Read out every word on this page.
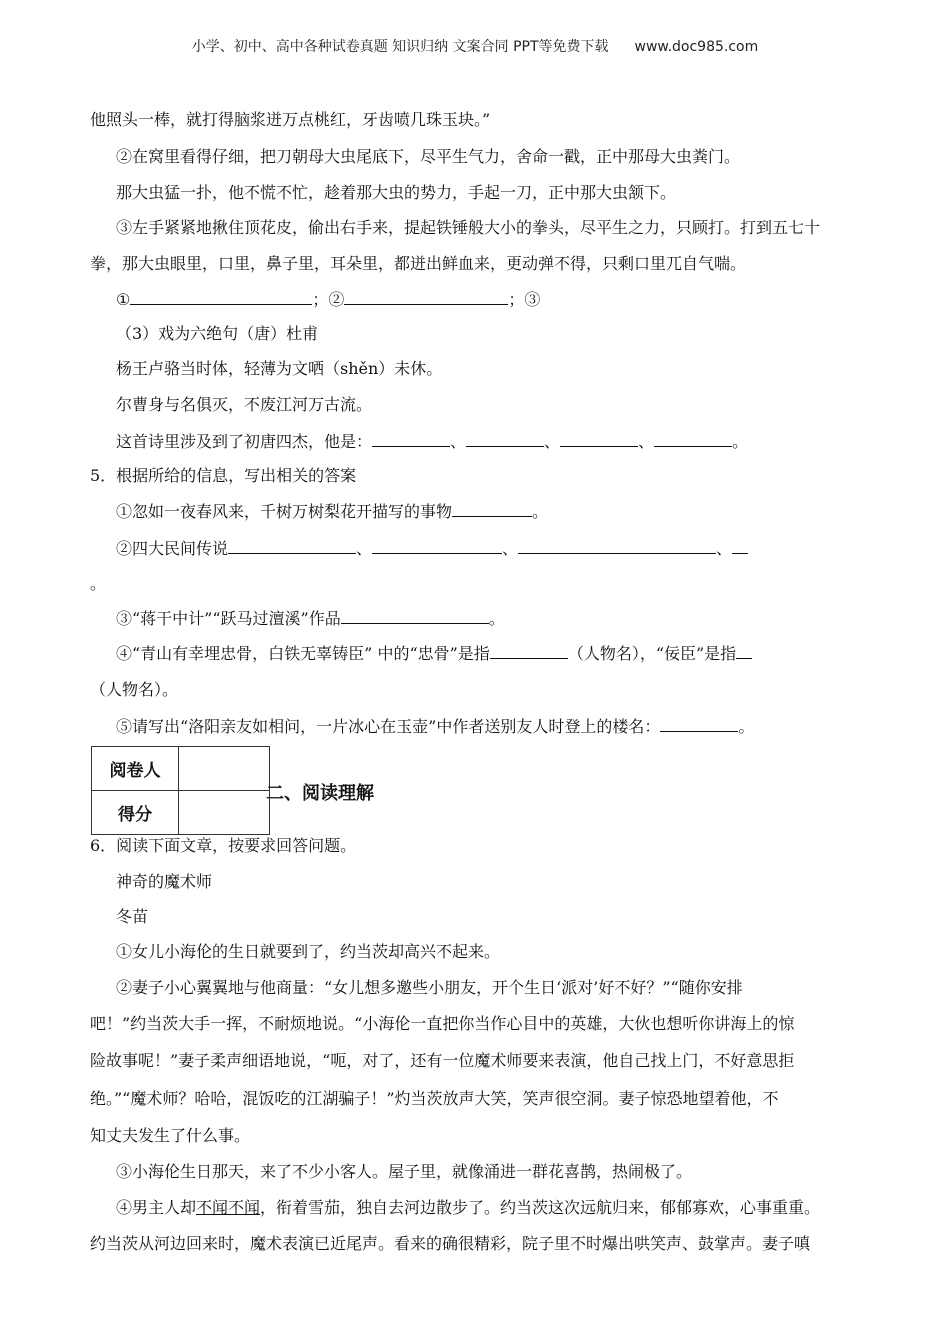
小学、初中、高中各种试卷真题 知识归纳 文案合同 PPT等免费下载 www.doc985.com
他照头一棒，就打得脑浆迸万点桃红，牙齿喷几珠玉块。”
②在窝里看得仔细，把刀朝母大虫尾底下，尽平生气力，舍命一戳，正中那母大虫粪门。
那大虫猛一扑，他不慌不忙，趁着那大虫的势力，手起一刀，正中那大虫颔下。
③左手紧紧地揪住顶花皮，偷出右手来，提起铁锤般大小的拳头，尽平生之力，只顾打。打到五七十
拳，那大虫眼里，口里，鼻子里，耳朵里，都迸出鲜血来，更动弹不得，只剩口里兀自气喘。
①	；②	；③
（3）戏为六绝句（唐）杜甫
杨王卢骆当时体，轻薄为文哂（shěn）未休。
尔曹身与名俱灭，不废江河万古流。
这首诗里涉及到了初唐四杰，他是：	、	、	、	。
5．根据所给的信息，写出相关的答案
①忽如一夜春风来，千树万树梨花开描写的事物	。
②四大民间传说	、	、	、
。
③“蒋干中计”“跃马过澶溪”作品	。
④“青山有幸埋忠骨，白铁无辜铸臣” 中的“忠骨”是指	（人物名），“佞臣”是指
（人物名）。
⑤请写出“洛阳亲友如相问，一片冰心在玉壶”中作者送别友人时登上的楼名：	。
阅卷人	
得分	
二、阅读理解
6．阅读下面文章，按要求回答问题。
神奇的魔术师
冬苗
①女儿小海伦的生日就要到了，约当茨却高兴不起来。
②妻子小心翼翼地与他商量：“女儿想多邀些小朋友，开个生日‘派对’好不好？”“随你安排
吧！”约当茨大手一挥，不耐烦地说。“小海伦一直把你当作心目中的英雄，大伙也想听你讲海上的惊
险故事呢！”妻子柔声细语地说，“呃，对了，还有一位魔术师要来表演，他自己找上门，不好意思拒
绝。”“魔术师？哈哈，混饭吃的江湖骗子！”灼当茨放声大笑，笑声很空洞。妻子惊恐地望着他，不
知丈夫发生了什么事。
③小海伦生日那天，来了不少小客人。屋子里，就像涌进一群花喜鹊，热闹极了。
④男主人却不闻不闻，衔着雪茄，独自去河边散步了。约当茨这次远航归来，郁郁寡欢，心事重重。
约当茨从河边回来时，魔术表演已近尾声。看来的确很精彩，院子里不时爆出哄笑声、鼓掌声。妻子嗔
